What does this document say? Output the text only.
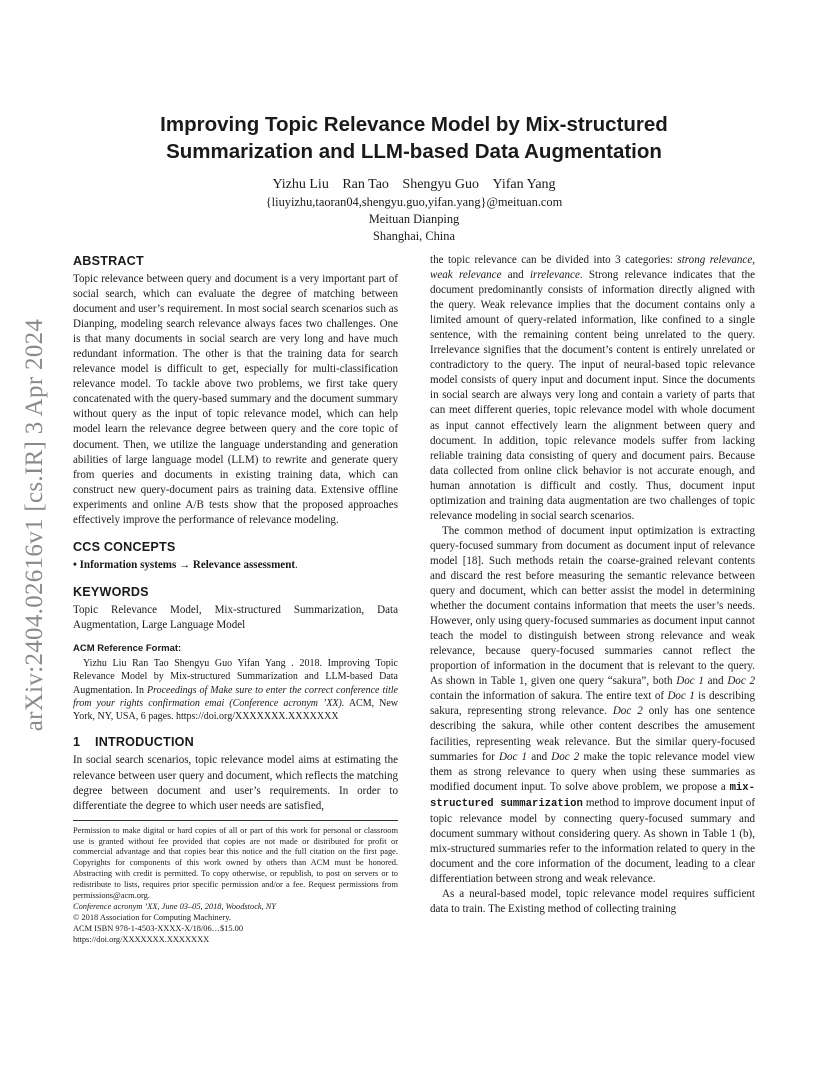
arXiv:2404.02616v1 [cs.IR] 3 Apr 2024
Improving Topic Relevance Model by Mix-structured
Summarization and LLM-based Data Augmentation
Yizhu Liu Ran Tao Shengyu Guo Yifan Yang
{liuyizhu,taoran04,shengyu.guo,yifan.yang}@meituan.com
Meituan Dianping
Shanghai, China
ABSTRACT

Topic relevance between query and document is a very important part of social search, which can evaluate the degree of matching between document and user’s requirement. In most social search scenarios such as Dianping, modeling search relevance always faces two challenges. One is that many documents in social search are very long and have much redundant information. The other is that the training data for search relevance model is difficult to get, especially for multi-classification relevance model. To tackle above two problems, we first take query concatenated with the query-based summary and the document summary without query as the input of topic relevance model, which can help model learn the relevance degree between query and the core topic of document. Then, we utilize the language understanding and generation abilities of large language model (LLM) to rewrite and generate query from queries and documents in existing training data, which can construct new query-document pairs as training data. Extensive offline experiments and online A/B tests show that the proposed approaches effectively improve the performance of relevance modeling.

CCS CONCEPTS

• Information systems → Relevance assessment.

KEYWORDS

Topic Relevance Model, Mix-structured Summarization, Data Augmentation, Large Language Model

ACM Reference Format:

Yizhu Liu Ran Tao Shengyu Guo Yifan Yang . 2018. Improving Topic Relevance Model by Mix-structured Summarization and LLM-based Data Augmentation. In Proceedings of Make sure to enter the correct conference title from your rights confirmation emai (Conference acronym ’XX). ACM, New York, NY, USA, 6 pages. https://doi.org/XXXXXXX.XXXXXXX

1    INTRODUCTION

In social search scenarios, topic relevance model aims at estimating the relevance between user query and document, which reflects the matching degree between document and user’s requirements. In order to differentiate the degree to which user needs are satisfied,

Permission to make digital or hard copies of all or part of this work for personal or classroom use is granted without fee provided that copies are not made or distributed for profit or commercial advantage and that copies bear this notice and the full citation on the first page. Copyrights for components of this work owned by others than ACM must be honored. Abstracting with credit is permitted. To copy otherwise, or republish, to post on servers or to redistribute to lists, requires prior specific permission and/or a fee. Request permissions from permissions@acm.org.

Conference acronym ’XX, June 03–05, 2018, Woodstock, NY

© 2018 Association for Computing Machinery.

ACM ISBN 978-1-4503-XXXX-X/18/06…$15.00

https://doi.org/XXXXXXX.XXXXXXX

the topic relevance can be divided into 3 categories: strong relevance, weak relevance and irrelevance. Strong relevance indicates that the document predominantly consists of information directly aligned with the query. Weak relevance implies that the document contains only a limited amount of query-related information, like confined to a single sentence, with the remaining content being unrelated to the query. Irrelevance signifies that the document’s content is entirely unrelated or contradictory to the query. The input of neural-based topic relevance model consists of query input and document input. Since the documents in social search are always very long and contain a variety of parts that can meet different queries, topic relevance model with whole document as input cannot effectively learn the alignment between query and document. In addition, topic relevance models suffer from lacking reliable training data consisting of query and document pairs. Because data collected from online click behavior is not accurate enough, and human annotation is difficult and costly. Thus, document input optimization and training data augmentation are two challenges of topic relevance modeling in social search scenarios.

The common method of document input optimization is extracting query-focused summary from document as document input of relevance model [18]. Such methods retain the coarse-grained relevant contents and discard the rest before measuring the semantic relevance between query and document, which can better assist the model in determining whether the document contains information that meets the user’s needs. However, only using query-focused summaries as document input cannot teach the model to distinguish between strong relevance and weak relevance, because query-focused summaries cannot reflect the proportion of information in the document that is relevant to the query. As shown in Table 1, given one query “sakura”, both Doc 1 and Doc 2 contain the information of sakura. The entire text of Doc 1 is describing sakura, representing strong relevance. Doc 2 only has one sentence describing the sakura, while other content describes the amusement facilities, representing weak relevance. But the similar query-focused summaries for Doc 1 and Doc 2 make the topic relevance model view them as strong relevance to query when using these summaries as modified document input. To solve above problem, we propose a mix-structured summarization method to improve document input of topic relevance model by connecting query-focused summary and document summary without considering query. As shown in Table 1 (b), mix-structured summaries refer to the information related to query in the document and the core information of the document, leading to a clear differentiation between strong and weak relevance.

As a neural-based model, topic relevance model requires sufficient data to train. The Existing method of collecting training
